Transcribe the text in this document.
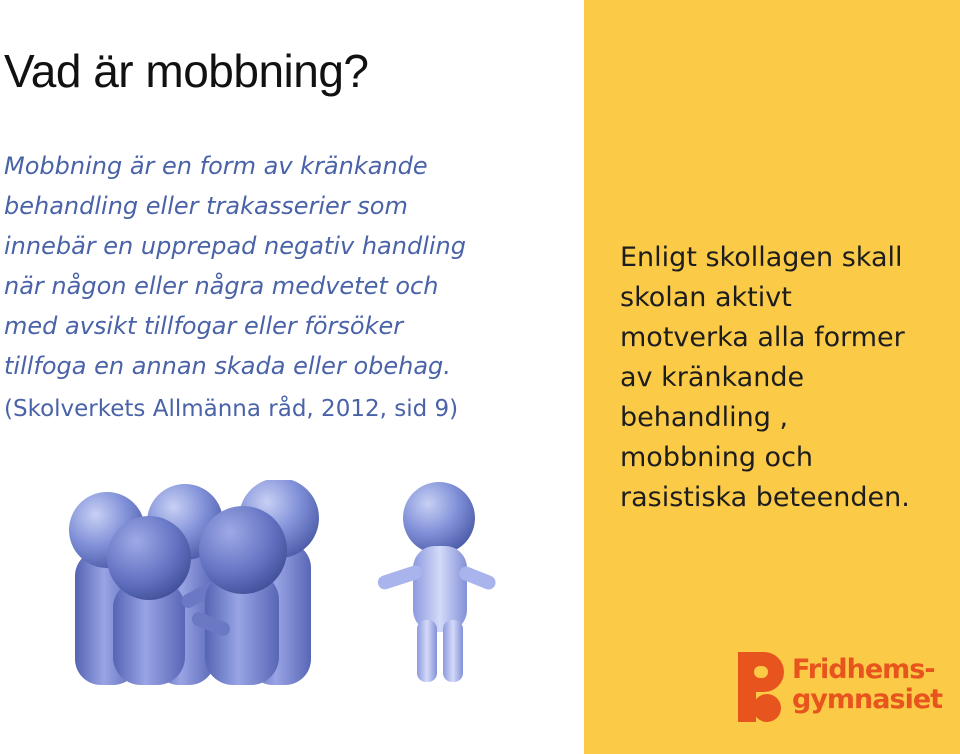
Vad är mobbning?

Mobbning är en form av kränkande
behandling eller trakasserier som
innebär en upprepad negativ handling
när någon eller några medvetet och
med avsikt tillfogar eller försöker
tillfoga en annan skada eller obehag.

(Skolverkets Allmänna råd, 2012, sid 9)

Enligt skollagen skall
skolan aktivt
motverka alla former
av kränkande
behandling ,
mobbning och
rasistiska beteenden.

Fridhems-
gymnasiet
